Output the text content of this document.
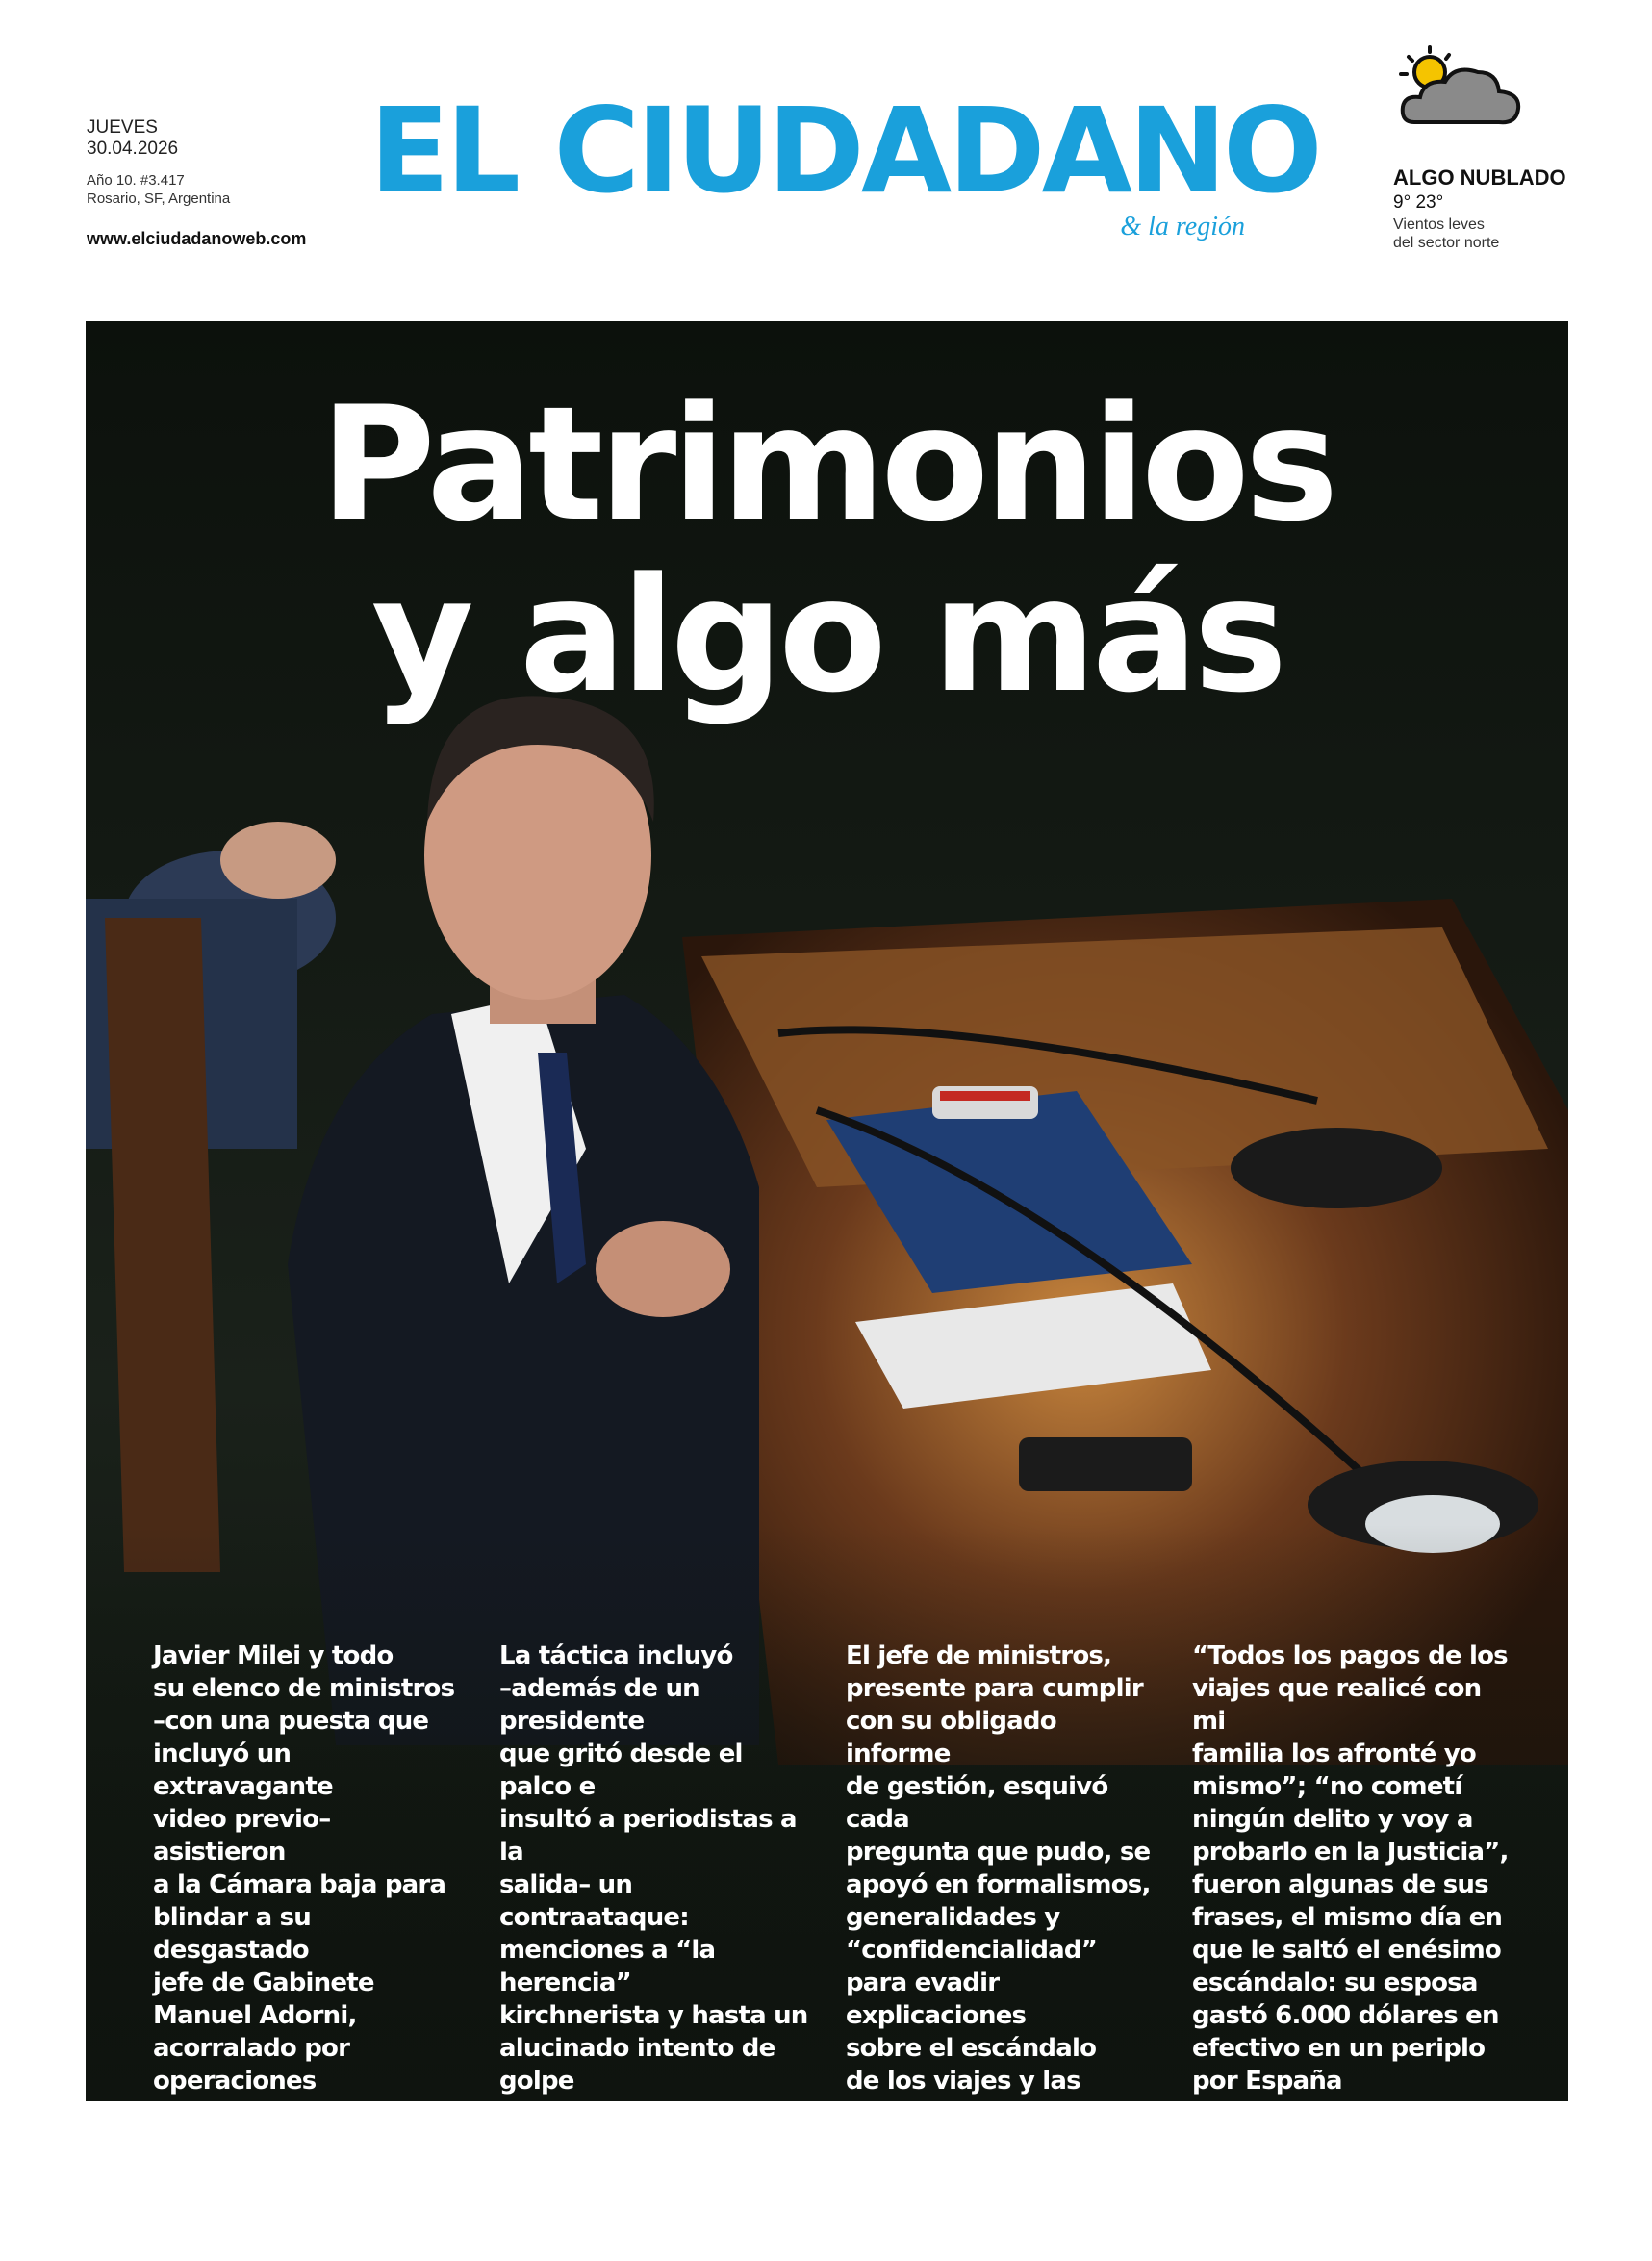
JUEVES
30.04.2026
Año 10. #3.417
Rosario, SF, Argentina
www.elciudadanoweb.com
EL CIUDADANO
& la región
ALGO NUBLADO
9° 23°
Vientos leves
del sector norte
Patrimonios
y algo más
Javier Milei y todo
su elenco de ministros
–con una puesta que
incluyó un extravagante
video previo– asistieron
a la Cámara baja para
blindar a su desgastado
jefe de Gabinete
Manuel Adorni,
acorralado por
operaciones económicas
incompatibles con sus
ingresos declarados.
La táctica incluyó
–además de un presidente
que gritó desde el palco e
insultó a periodistas a la
salida– un contraataque:
menciones a “la herencia”
kirchnerista y hasta un
alucinado intento de golpe
de Estado. A eso, el
aturdido funcionario
atribuyó el descalabro
social y económico
del presente.
El jefe de ministros,
presente para cumplir
con su obligado informe
de gestión, esquivó cada
pregunta que pudo, se
apoyó en formalismos,
generalidades y
“confidencialidad”
para evadir explicaciones
sobre el escándalo
de los viajes y las
propiedades que compró
en los últimos años.
“Todos los pagos de los
viajes que realicé con mi
familia los afronté yo
mismo”; “no cometí
ningún delito y voy a
probarlo en la Justicia”,
fueron algunas de sus
frases, el mismo día en
que le saltó el enésimo
escándalo: su esposa
gastó 6.000 dólares en
efectivo en un periplo
por España
